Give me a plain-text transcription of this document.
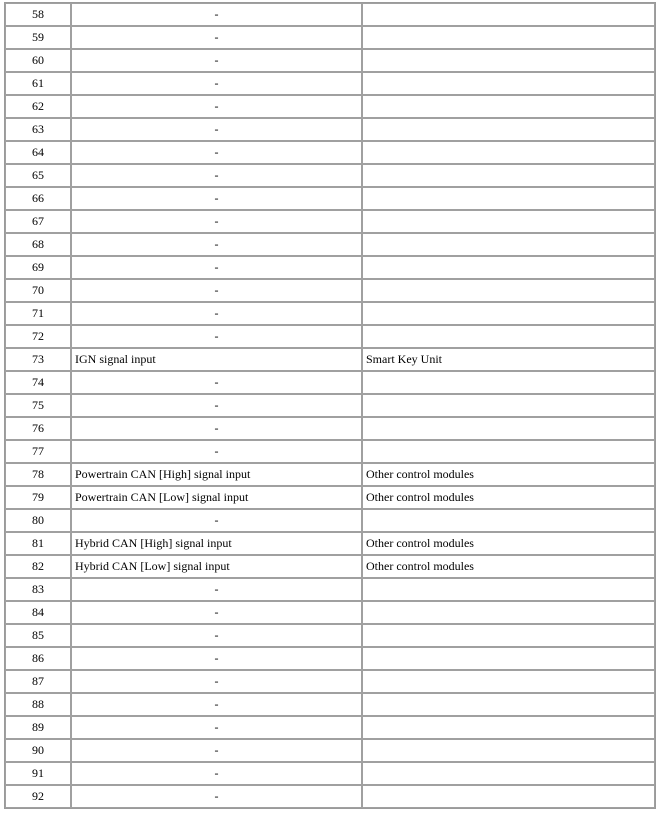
58	-	
59	-	
60	-	
61	-	
62	-	
63	-	
64	-	
65	-	
66	-	
67	-	
68	-	
69	-	
70	-	
71	-	
72	-	
73	IGN signal input	Smart Key Unit
74	-	
75	-	
76	-	
77	-	
78	Powertrain CAN [High] signal input	Other control modules
79	Powertrain CAN [Low] signal input	Other control modules
80	-	
81	Hybrid CAN [High] signal input	Other control modules
82	Hybrid CAN [Low] signal input	Other control modules
83	-	
84	-	
85	-	
86	-	
87	-	
88	-	
89	-	
90	-	
91	-	
92	-	
